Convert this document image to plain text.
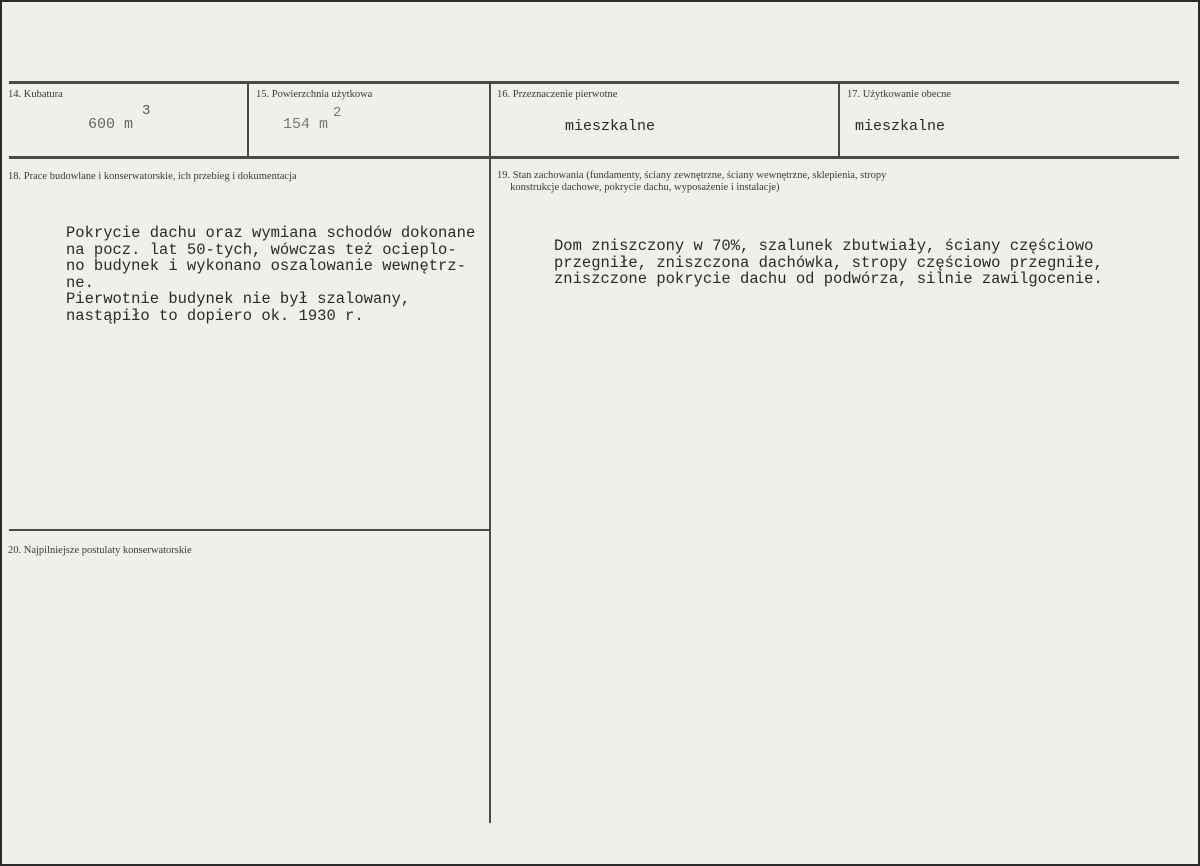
14. Kubatura
600 m
3
15. Powierzchnia użytkowa
154 m
2
16. Przeznaczenie pierwotne
mieszkalne
17. Użytkowanie obecne
mieszkalne
18. Prace budowlane i konserwatorskie, ich przebieg i dokumentacja
Pokrycie dachu oraz wymiana schodów dokonane
na pocz. lat 50-tych, wówczas też ocieplo-
no budynek i wykonano oszalowanie wewnętrz-
ne.
Pierwotnie budynek nie był szalowany,
nastąpiło to dopiero ok. 1930 r.
19. Stan zachowania (fundamenty, ściany zewnętrzne, ściany wewnętrzne, sklepienia, stropy
konstrukcje dachowe, pokrycie dachu, wyposażenie i instalacje)
Dom zniszczony w 70%, szalunek zbutwiały, ściany częściowo
przegniłe, zniszczona dachówka, stropy częściowo przegniłe,
zniszczone pokrycie dachu od podwórza, silnie zawilgocenie.
20. Najpilniejsze postulaty konserwatorskie
